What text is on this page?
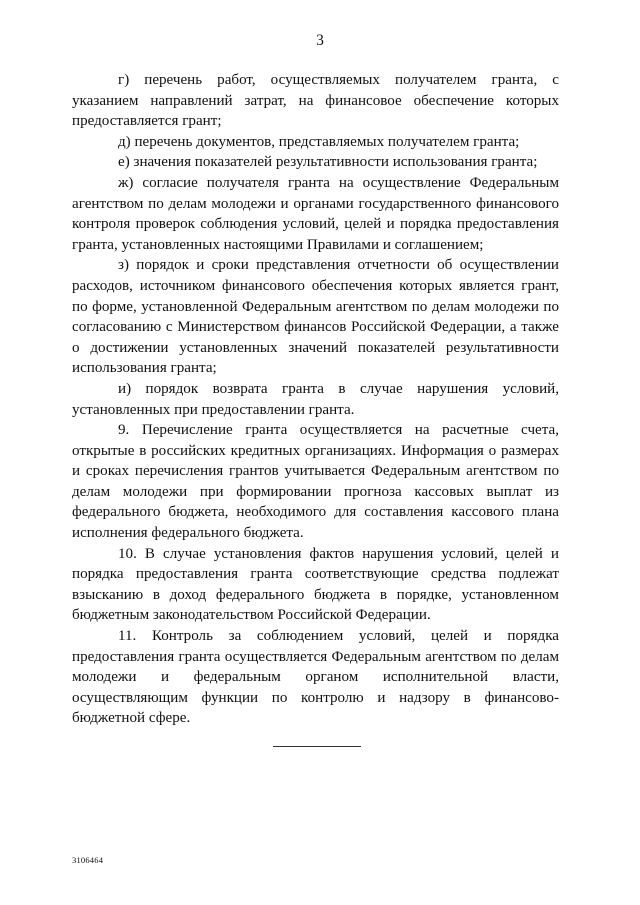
3

г) перечень работ, осуществляемых получателем гранта, с указанием направлений затрат, на финансовое обеспечение которых предоставляется грант;

д) перечень документов, представляемых получателем гранта;

е) значения показателей результативности использования гранта;

ж) согласие получателя гранта на осуществление Федеральным агентством по делам молодежи и органами государственного финансового контроля проверок соблюдения условий, целей и порядка предоставления гранта, установленных настоящими Правилами и соглашением;

з) порядок и сроки представления отчетности об осуществлении расходов, источником финансового обеспечения которых является грант, по форме, установленной Федеральным агентством по делам молодежи по согласованию с Министерством финансов Российской Федерации, а также о достижении установленных значений показателей результативности использования гранта;

и) порядок возврата гранта в случае нарушения условий, установленных при предоставлении гранта.

9. Перечисление гранта осуществляется на расчетные счета, открытые в российских кредитных организациях. Информация о размерах и сроках перечисления грантов учитывается Федеральным агентством по делам молодежи при формировании прогноза кассовых выплат из федерального бюджета, необходимого для составления кассового плана исполнения федерального бюджета.

10. В случае установления фактов нарушения условий, целей и порядка предоставления гранта соответствующие средства подлежат взысканию в доход федерального бюджета в порядке, установленном бюджетным законодательством Российской Федерации.

11. Контроль за соблюдением условий, целей и порядка предоставления гранта осуществляется Федеральным агентством по делам молодежи и федеральным органом исполнительной власти, осуществляющим функции по контролю и надзору в финансово-бюджетной сфере.

3106464
